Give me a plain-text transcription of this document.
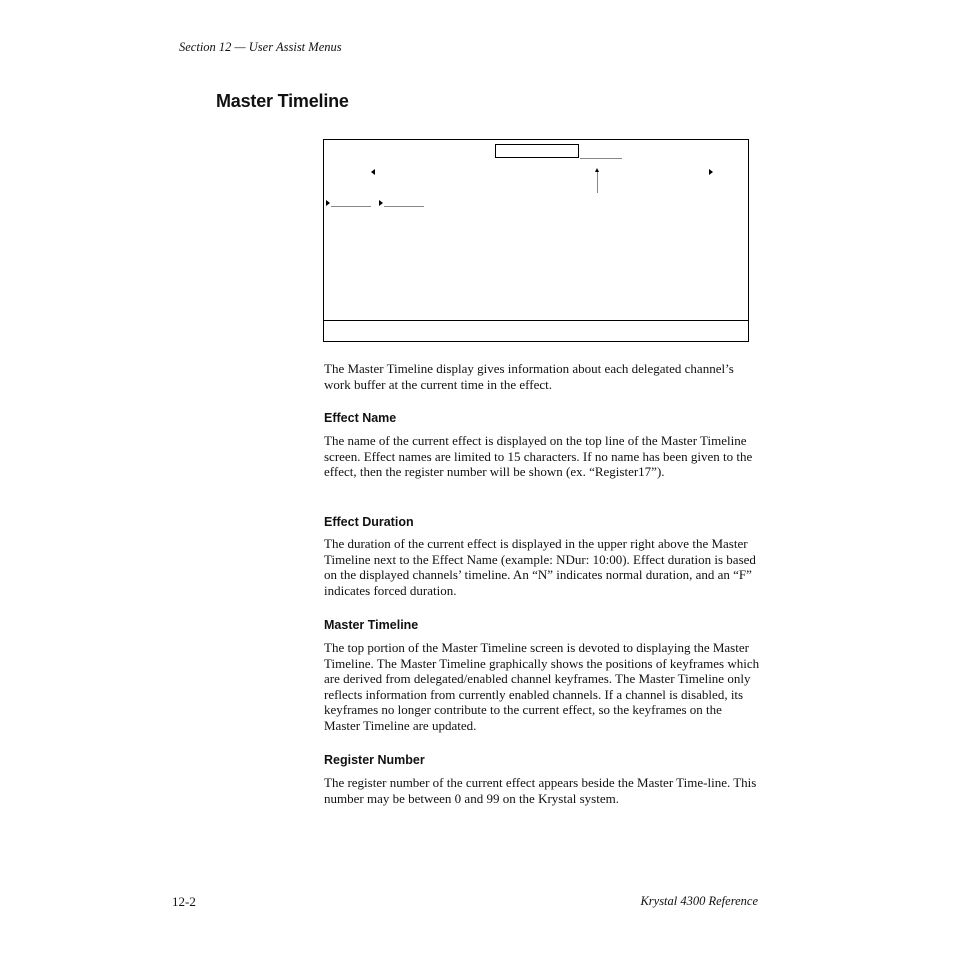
Section 12 — User Assist Menus
Master Timeline

The Master Timeline display gives information about each delegated channel’s work buffer at the current time in the effect.

Effect Name

The name of the current effect is displayed on the top line of the Master Timeline screen. Effect names are limited to 15 characters. If no name has been given to the effect, then the register number will be shown (ex. “Register17”).

Effect Duration

The duration of the current effect is displayed in the upper right above the Master Timeline next to the Effect Name (example: NDur: 10:00). Effect duration is based on the displayed channels’ timeline. An “N” indicates normal duration, and an “F” indicates forced duration.

Master Timeline

The top portion of the Master Timeline screen is devoted to displaying the Master Timeline. The Master Timeline graphically shows the positions of keyframes which are derived from delegated/enabled channel keyframes. The Master Timeline only reflects information from currently enabled channels. If a channel is disabled, its keyframes no longer contribute to the current effect, so the keyframes on the Master Timeline are updated.

Register Number

The register number of the current effect appears beside the Master Time-line. This number may be between 0 and 99 on the Krystal system.

12-2	Krystal 4300 Reference
